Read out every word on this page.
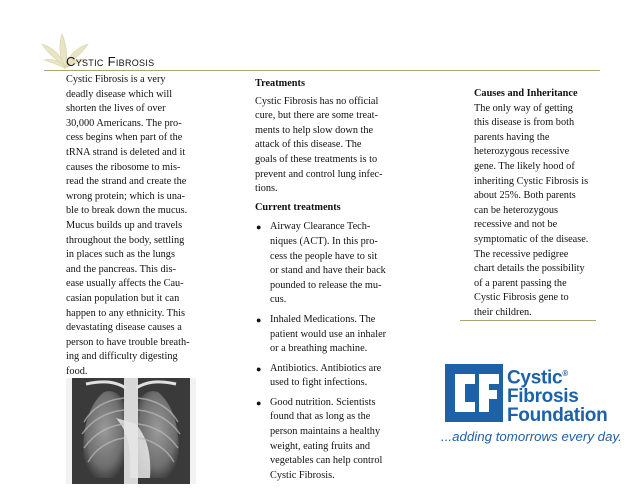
Cystic Fibrosis

Cystic Fibrosis is a very

deadly disease which will

shorten the lives of over

30,000 Americans. The pro-

cess begins when part of the

tRNA strand is deleted and it

causes the ribosome to mis-

read the strand and create the

wrong protein; which is una-

ble to break down the mucus.

Mucus builds up and travels

throughout the body, settling

in places such as the lungs

and the pancreas. This dis-

ease usually affects the Cau-

casian population but it can

happen to any ethnicity. This

devastating disease causes a

person to have trouble breath-

ing and difficulty digesting

food.

Treatments

Cystic Fibrosis has no official

cure, but there are some treat-

ments to help slow down the

attack of this disease. The

goals of these treatments is to

prevent and control lung infec-

tions.

Current treatments

● Airway Clearance Tech-
niques (ACT). In this pro-
cess the people have to sit
or stand and have their back
pounded to release the mu-
cus.
● Inhaled Medications. The
patient would use an inhaler
or a breathing machine.
● Antibiotics. Antibiotics are
used to fight infections.
● Good nutrition. Scientists
found that as long as the
person maintains a healthy
weight, eating fruits and
vegetables can help control
Cystic Fibrosis.

Causes and Inheritance

The only way of getting

this disease is from both

parents having the

heterozygous recessive

gene. The likely hood of

inheriting Cystic Fibrosis is

about 25%. Both parents

can be heterozygous

recessive and not be

symptomatic of the disease.

The recessive pedigree

chart details the possibility

of a parent passing the

Cystic Fibrosis gene to

their children.

Cystic®
Fibrosis
Foundation
...adding tomorrows every day.
